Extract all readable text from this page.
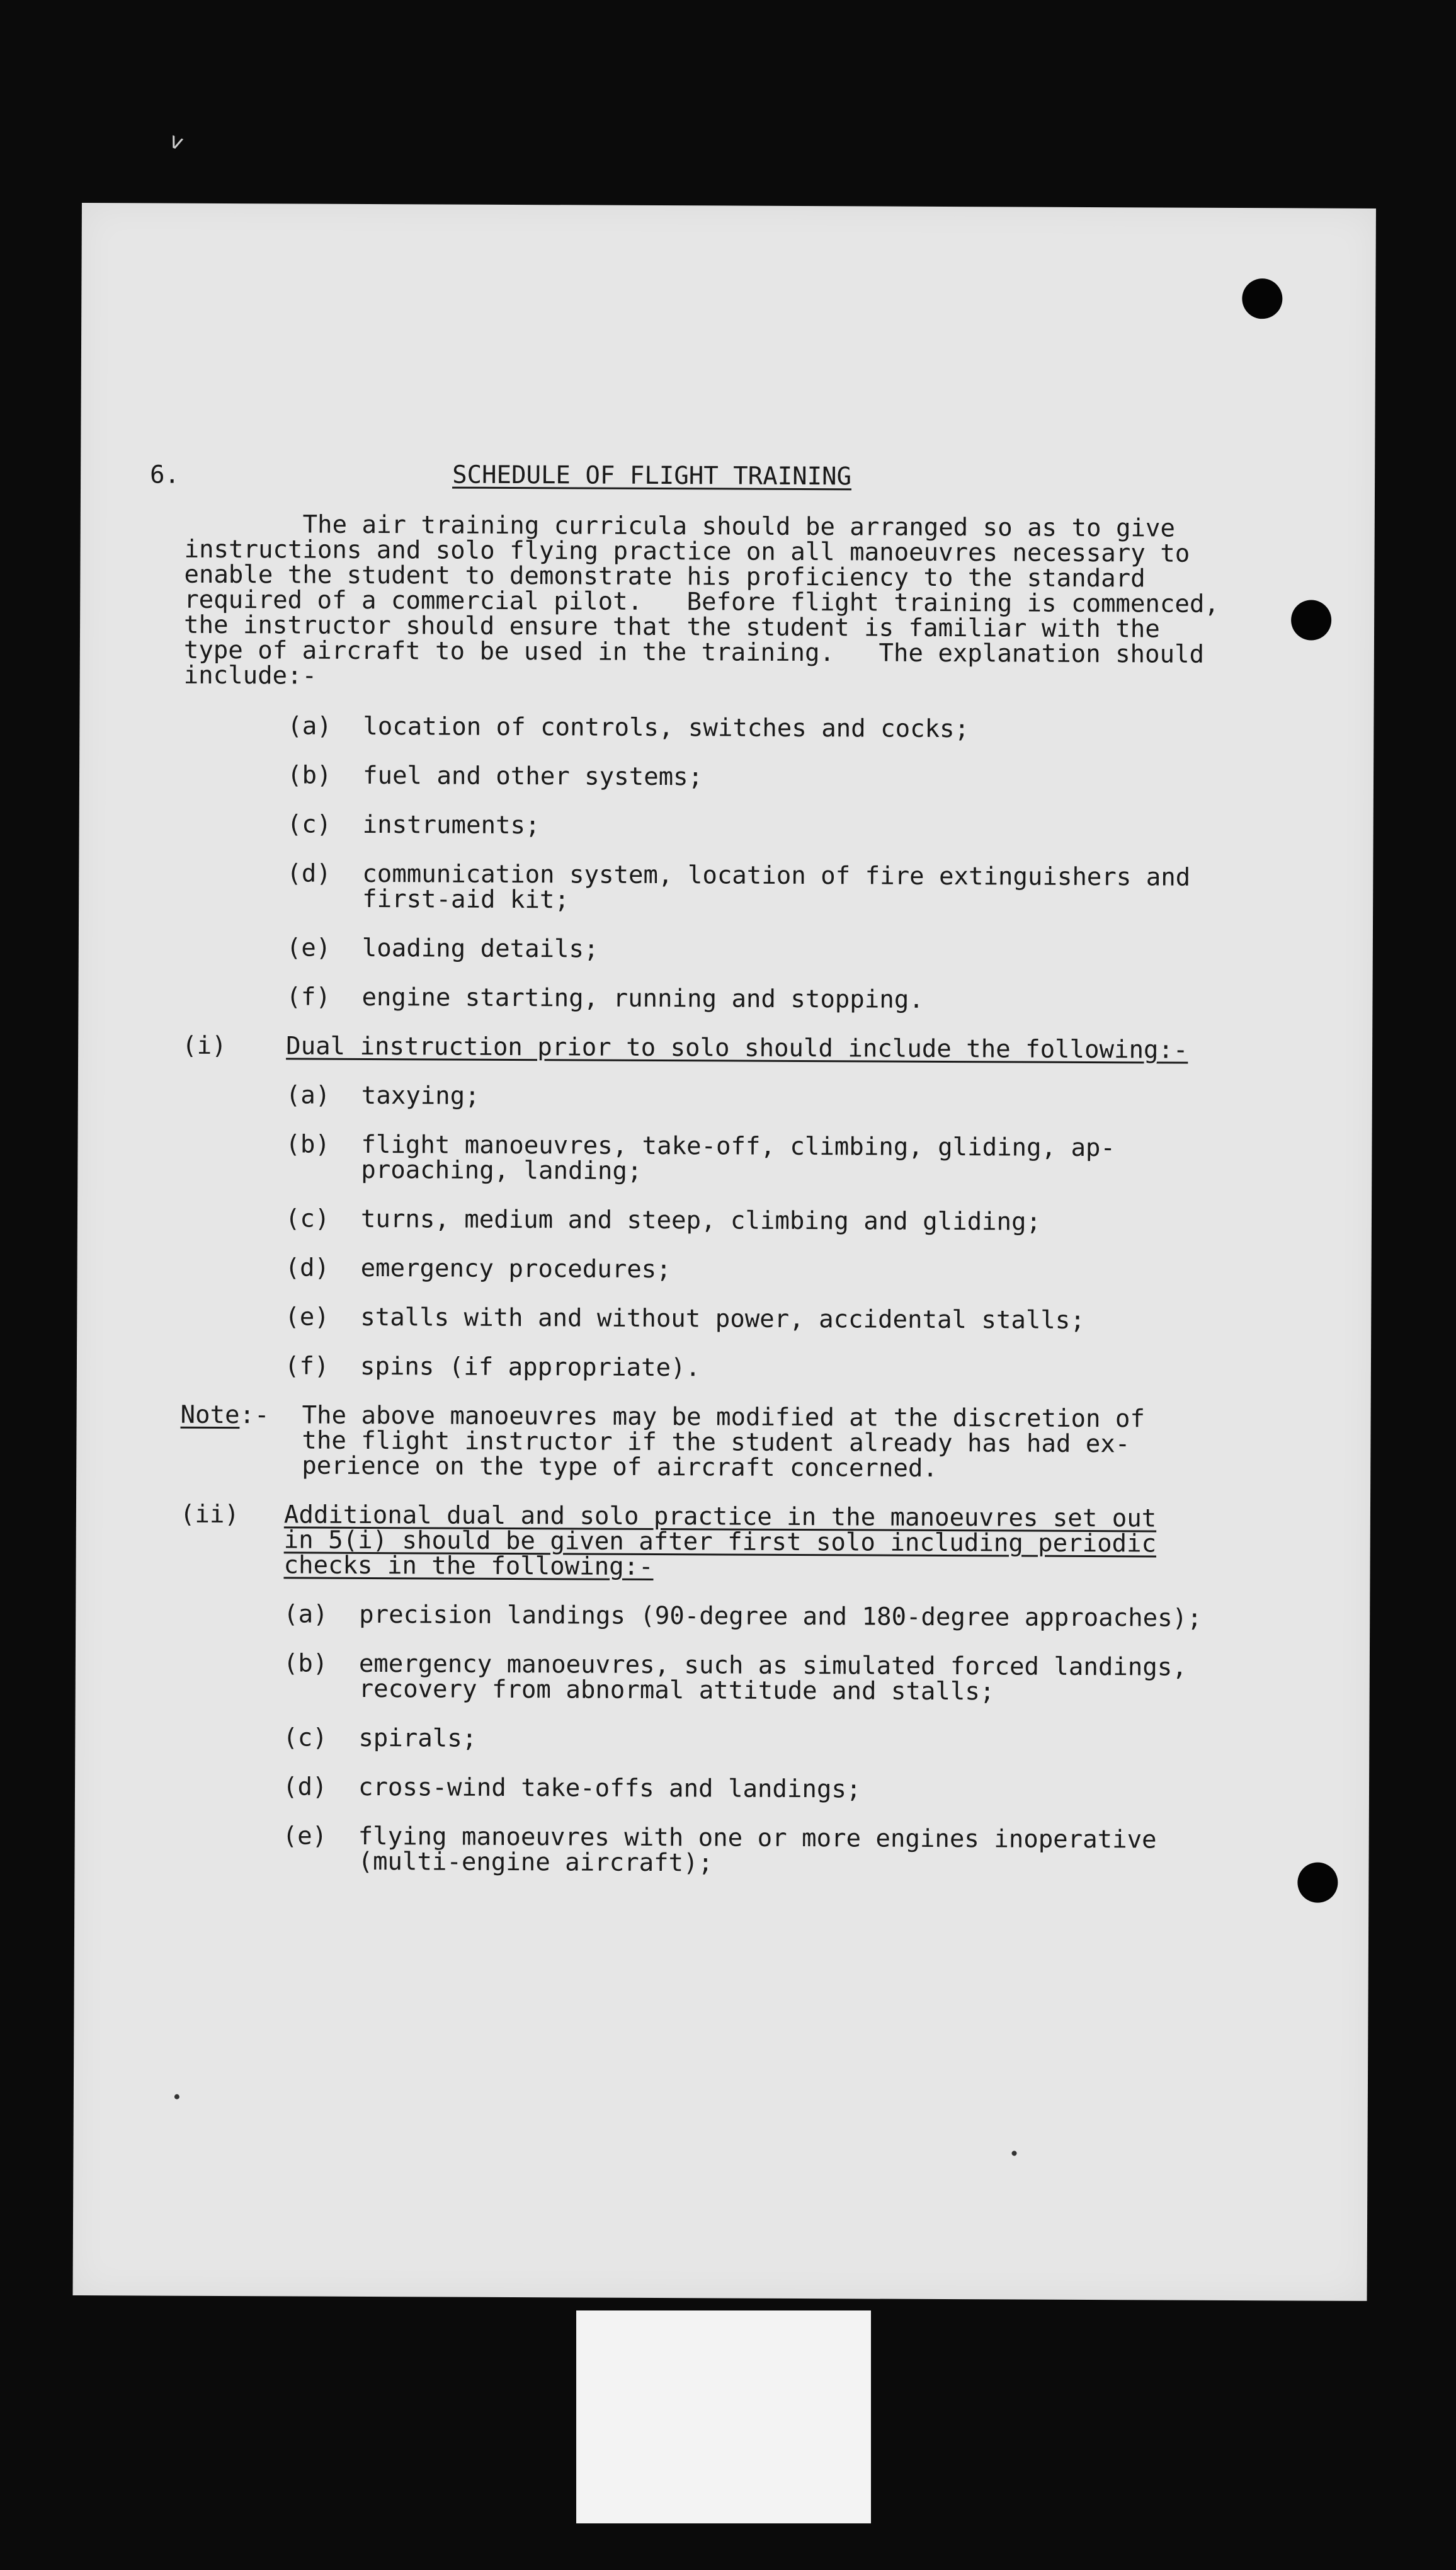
v
6.	SCHEDULE OF FLIGHT TRAINING
The air training curricula should be arranged so as to give
instructions and solo flying practice on all manoeuvres necessary to
enable the student to demonstrate his proficiency to the standard
required of a commercial pilot.   Before flight training is commenced,
the instructor should ensure that the student is familiar with the
type of aircraft to be used in the training.   The explanation should
include:-
(a) location of controls, switches and cocks;
(b) fuel and other systems;
(c) instruments;
(d) communication system, location of fire extinguishers and
first-aid kit;
(e) loading details;
(f) engine starting, running and stopping.
(i) Dual instruction prior to solo should include the following:-
(a) taxying;
(b) flight manoeuvres, take-off, climbing, gliding, ap-
proaching, landing;
(c) turns, medium and steep, climbing and gliding;
(d) emergency procedures;
(e) stalls with and without power, accidental stalls;
(f) spins (if appropriate).
Note:- The above manoeuvres may be modified at the discretion of
the flight instructor if the student already has had ex-
perience on the type of aircraft concerned.
(ii) Additional dual and solo practice in the manoeuvres set out
in 5(i) should be given after first solo including periodic
checks in the following:-
(a) precision landings (90-degree and 180-degree approaches);
(b) emergency manoeuvres, such as simulated forced landings,
recovery from abnormal attitude and stalls;
(c) spirals;
(d) cross-wind take-offs and landings;
(e) flying manoeuvres with one or more engines inoperative
(multi-engine aircraft);
